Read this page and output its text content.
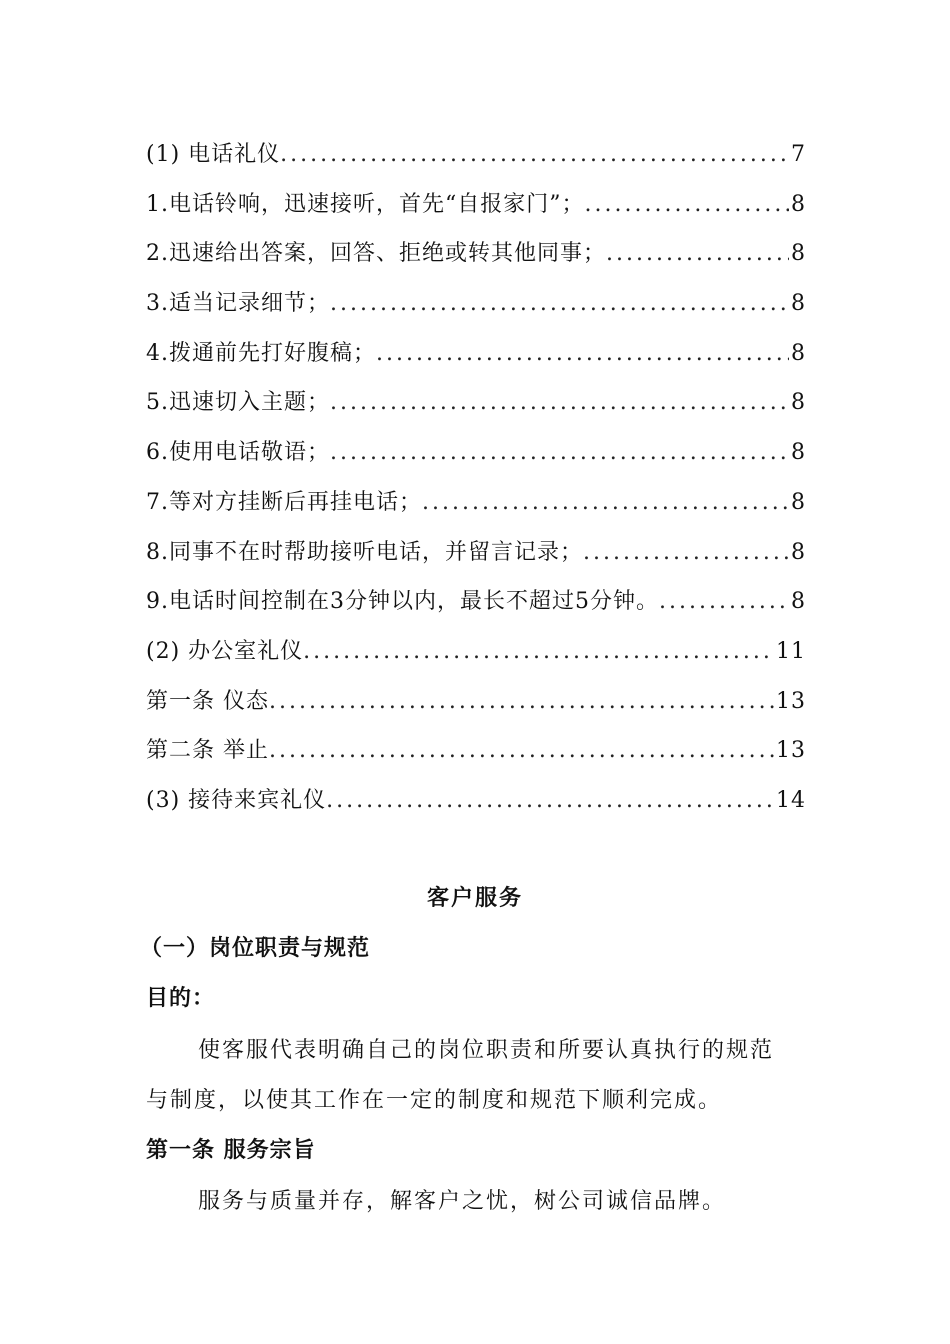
(1) 电话礼仪 .....	7
1.电话铃响，迅速接听，首先“自报家门”； .....	8
2.迅速给出答案，回答、拒绝或转其他同事； .....	8
3.适当记录细节； .....	8
4.拨通前先打好腹稿； .....	8
5.迅速切入主题； .....	8
6.使用电话敬语； .....	8
7.等对方挂断后再挂电话； .....	8
8.同事不在时帮助接听电话，并留言记录； .....	8
9.电话时间控制在3分钟以内，最长不超过5分钟。 .....	8
(2) 办公室礼仪 .....	11
第一条 仪态 .....	13
第二条 举止 .....	13
(3) 接待来宾礼仪 .....	14
客户服务
（一）岗位职责与规范
目的：
使客服代表明确自己的岗位职责和所要认真执行的规范
与制度，以使其工作在一定的制度和规范下顺利完成。
第一条 服务宗旨
服务与质量并存，解客户之忧，树公司诚信品牌。
